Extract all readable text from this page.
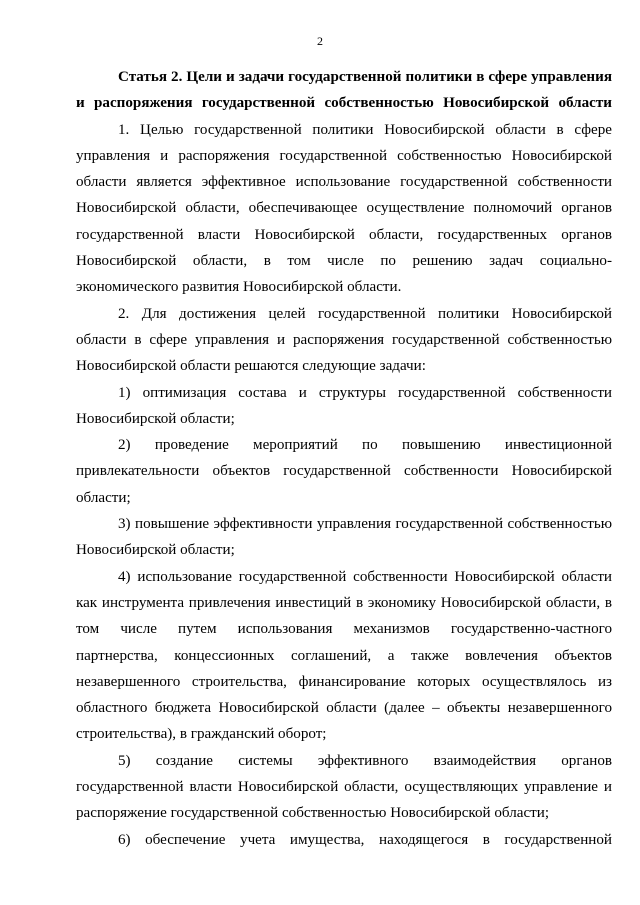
2
Статья 2. Цели и задачи государственной политики в сфере управления
и распоряжения государственной собственностью Новосибирской области
1. Целью государственной политики Новосибирской области в сфере
управления и распоряжения государственной собственностью Новосибирской
области является эффективное использование государственной собственности
Новосибирской области, обеспечивающее осуществление полномочий органов
государственной власти Новосибирской области, государственных органов
Новосибирской области, в том числе по решению задач социально-
экономического развития Новосибирской области.
2. Для достижения целей государственной политики Новосибирской
области в сфере управления и распоряжения государственной собственностью
Новосибирской области решаются следующие задачи:
1) оптимизация состава и структуры государственной собственности
Новосибирской области;
2) проведение мероприятий по повышению инвестиционной
привлекательности объектов государственной собственности Новосибирской
области;
3) повышение эффективности управления государственной собственностью
Новосибирской области;
4) использование государственной собственности Новосибирской области
как инструмента привлечения инвестиций в экономику Новосибирской области, в
том числе путем использования механизмов государственно-частного
партнерства, концессионных соглашений, а также вовлечения объектов
незавершенного строительства, финансирование которых осуществлялось из
областного бюджета Новосибирской области (далее – объекты незавершенного
строительства), в гражданский оборот;
5) создание системы эффективного взаимодействия органов
государственной власти Новосибирской области, осуществляющих управление и
распоряжение государственной собственностью Новосибирской области;
6) обеспечение учета имущества, находящегося в государственной
